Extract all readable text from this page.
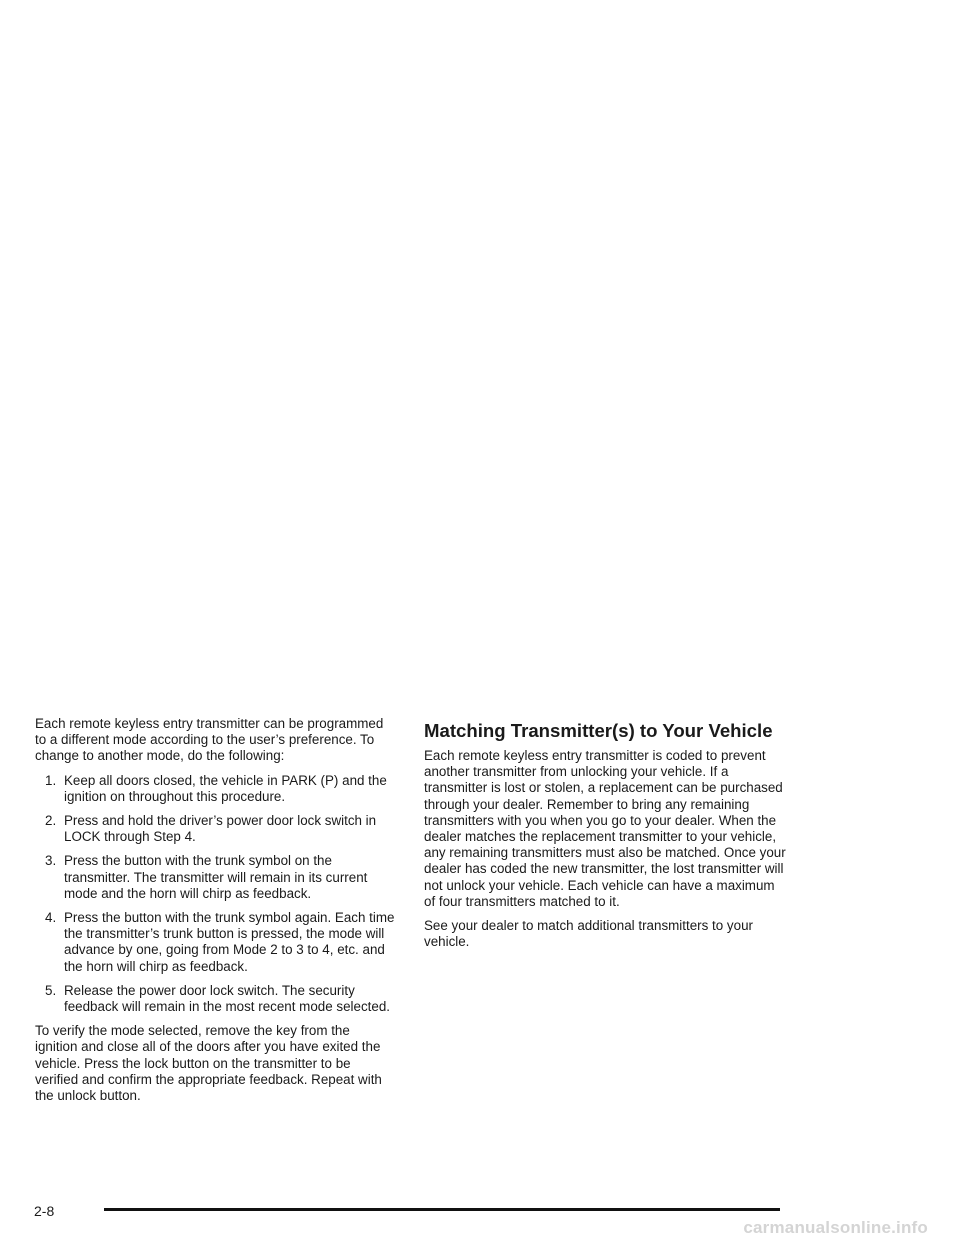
Each remote keyless entry transmitter can be programmed to a different mode according to the user’s preference. To change to another mode, do the following:

1. Keep all doors closed, the vehicle in PARK (P) and the ignition on throughout this procedure.
2. Press and hold the driver’s power door lock switch in LOCK through Step 4.
3. Press the button with the trunk symbol on the transmitter. The transmitter will remain in its current mode and the horn will chirp as feedback.
4. Press the button with the trunk symbol again. Each time the transmitter’s trunk button is pressed, the mode will advance by one, going from Mode 2 to 3 to 4, etc. and the horn will chirp as feedback.
5. Release the power door lock switch. The security feedback will remain in the most recent mode selected.

To verify the mode selected, remove the key from the ignition and close all of the doors after you have exited the vehicle. Press the lock button on the transmitter to be verified and confirm the appropriate feedback. Repeat with the unlock button.

Matching Transmitter(s) to Your Vehicle

Each remote keyless entry transmitter is coded to prevent another transmitter from unlocking your vehicle. If a transmitter is lost or stolen, a replacement can be purchased through your dealer. Remember to bring any remaining transmitters with you when you go to your dealer. When the dealer matches the replacement transmitter to your vehicle, any remaining transmitters must also be matched. Once your dealer has coded the new transmitter, the lost transmitter will not unlock your vehicle. Each vehicle can have a maximum of four transmitters matched to it.

See your dealer to match additional transmitters to your vehicle.

2-8
carmanualsonline.info
